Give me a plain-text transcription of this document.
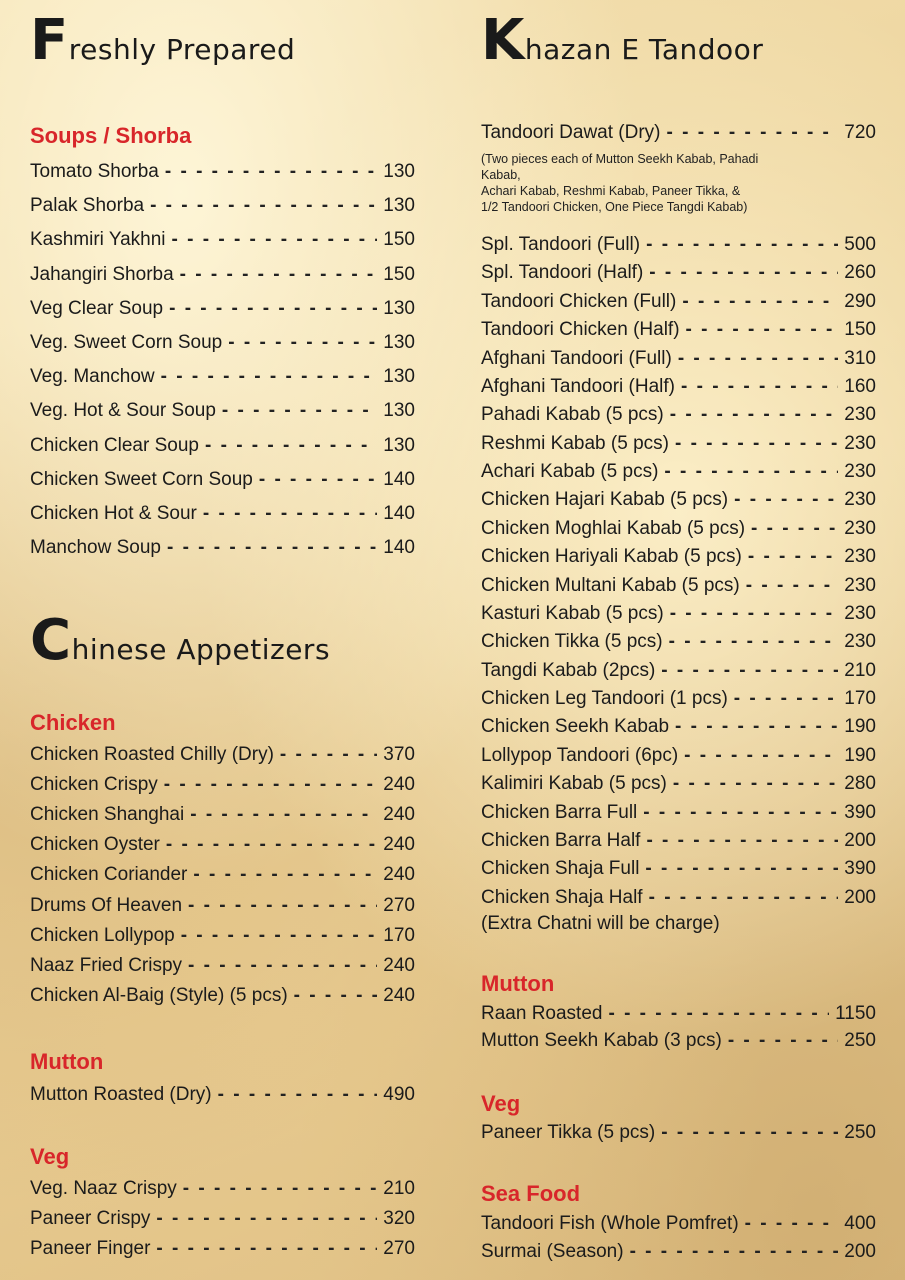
Freshly Prepared
Soups / Shorba
Tomato Shorba - - -	130
Palak Shorba - - -	130
Kashmiri Yakhni - - -	150
Jahangiri Shorba - - -	150
Veg Clear Soup - - -	130
Veg. Sweet Corn Soup - - -	130
Veg. Manchow - - -	130
Veg. Hot & Sour Soup - - -	130
Chicken Clear Soup - - -	130
Chicken Sweet Corn Soup - - -	140
Chicken Hot & Sour - - -	140
Manchow Soup - - -	140
Chinese Appetizers
Chicken
Chicken Roasted Chilly (Dry) - - -	370
Chicken Crispy - - -	240
Chicken Shanghai - - -	240
Chicken Oyster - - -	240
Chicken Coriander - - -	240
Drums Of Heaven - - -	270
Chicken Lollypop - - -	170
Naaz Fried Crispy - - -	240
Chicken Al-Baig (Style) (5 pcs) - - -	240
Mutton
Mutton Roasted (Dry) - - -	490
Veg
Veg. Naaz Crispy - - -	210
Paneer Crispy - - -	320
Paneer Finger - - -	270
Khazan E Tandoor
Tandoori Dawat (Dry) - - -	720
(Two pieces each of Mutton Seekh Kabab, Pahadi
Kabab,
Achari Kabab, Reshmi Kabab, Paneer Tikka, &
1/2 Tandoori Chicken, One Piece Tangdi Kabab)
Spl. Tandoori (Full) - - -	500
Spl. Tandoori (Half) - - -	260
Tandoori Chicken (Full) - - -	290
Tandoori Chicken (Half) - - -	150
Afghani Tandoori (Full) - - -	310
Afghani Tandoori (Half) - - -	160
Pahadi Kabab (5 pcs) - - -	230
Reshmi Kabab (5 pcs) - - -	230
Achari Kabab (5 pcs) - - -	230
Chicken Hajari Kabab (5 pcs) - - -	230
Chicken Moghlai Kabab (5 pcs) - - -	230
Chicken Hariyali Kabab (5 pcs) - - -	230
Chicken Multani Kabab (5 pcs) - - -	230
Kasturi Kabab (5 pcs) - - -	230
Chicken Tikka (5 pcs) - - -	230
Tangdi Kabab (2pcs) - - -	210
Chicken Leg Tandoori (1 pcs) - - -	170
Chicken Seekh Kabab - - -	190
Lollypop Tandoori (6pc) - - -	190
Kalimiri Kabab (5 pcs) - - -	280
Chicken Barra Full - - -	390
Chicken Barra Half - - -	200
Chicken Shaja Full - - -	390
Chicken Shaja Half - - -	200
(Extra Chatni will be charge)
Mutton
Raan Roasted - - -	1150
Mutton Seekh Kabab (3 pcs) - - -	250
Veg
Paneer Tikka (5 pcs) - - -	250
Sea Food
Tandoori Fish (Whole Pomfret) - - -	400
Surmai (Season) - - -	200
